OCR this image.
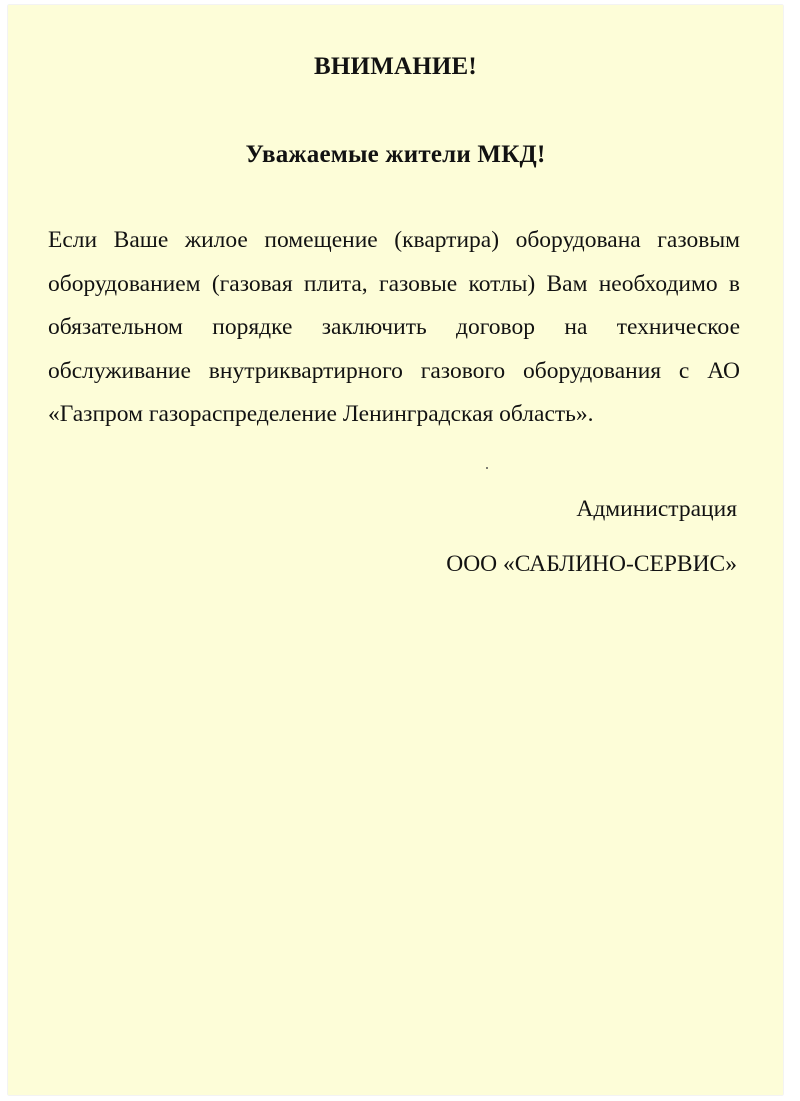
ВНИМАНИЕ!
Уважаемые жители МКД!
Если Ваше жилое помещение (квартира) оборудована газовым
оборудованием (газовая плита, газовые котлы) Вам необходимо в
обязательном порядке заключить договор на техническое
обслуживание внутриквартирного газового оборудования с АО
«Газпром газораспределение Ленинградская область».
Администрация
ООО «САБЛИНО-СЕРВИС»
